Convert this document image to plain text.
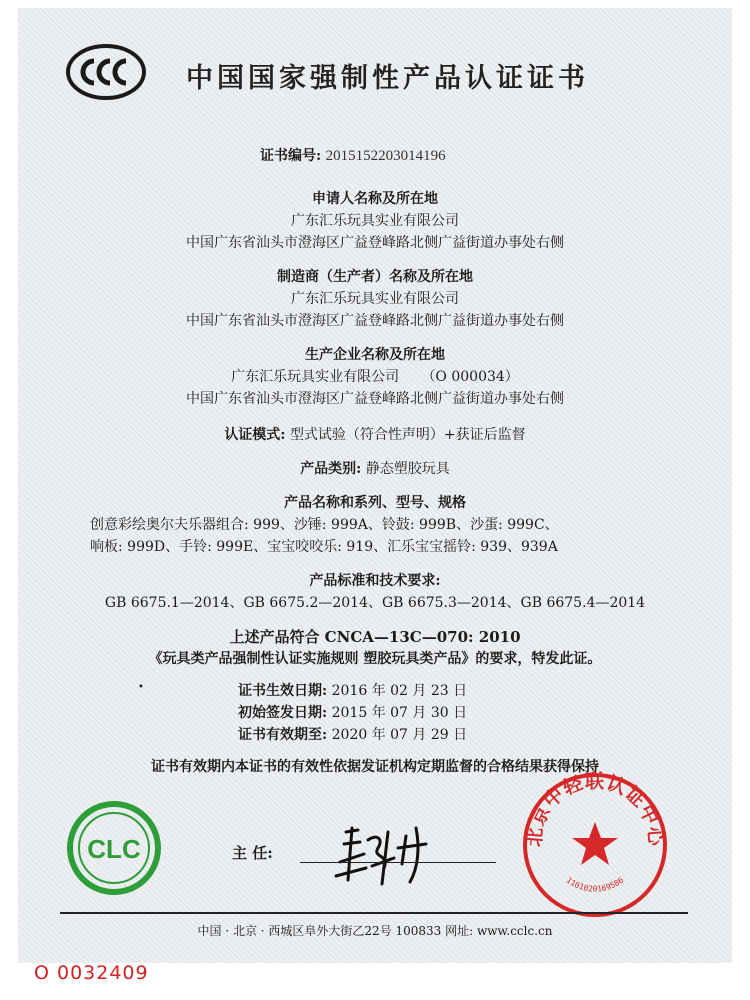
中国国家强制性产品认证证书
证书编号: 2015152203014196
申请人名称及所在地
广东汇乐玩具实业有限公司
中国广东省汕头市澄海区广益登峰路北侧广益街道办事处右侧
制造商（生产者）名称及所在地
广东汇乐玩具实业有限公司
中国广东省汕头市澄海区广益登峰路北侧广益街道办事处右侧
生产企业名称及所在地
广东汇乐玩具实业有限公司 （O 000034）
中国广东省汕头市澄海区广益登峰路北侧广益街道办事处右侧
认证模式: 型式试验（符合性声明）+获证后监督
产品类别: 静态塑胶玩具
产品名称和系列、型号、规格
创意彩绘奥尔夫乐器组合: 999、沙锤: 999A、铃鼓: 999B、沙蛋: 999C、
响板: 999D、手铃: 999E、宝宝咬咬乐: 919、汇乐宝宝摇铃: 939、939A
产品标准和技术要求:
GB 6675.1—2014、GB 6675.2—2014、GB 6675.3—2014、GB 6675.4—2014
上述产品符合 CNCA—13C—070: 2010
《玩具类产品强制性认证实施规则 塑胶玩具类产品》的要求，特发此证。
•	证书生效日期: 2016 年 02 月 23 日
初始签发日期: 2015 年 07 月 30 日
证书有效期至: 2020 年 07 月 29 日
证书有效期内本证书的有效性依据发证机构定期监督的合格结果获得保持
CLC	主 任:
北京中轻联认证中心
1101020169586
中国 · 北京 · 西城区阜外大街乙22号 100833 网址: www.cclc.cn
O 0032409
